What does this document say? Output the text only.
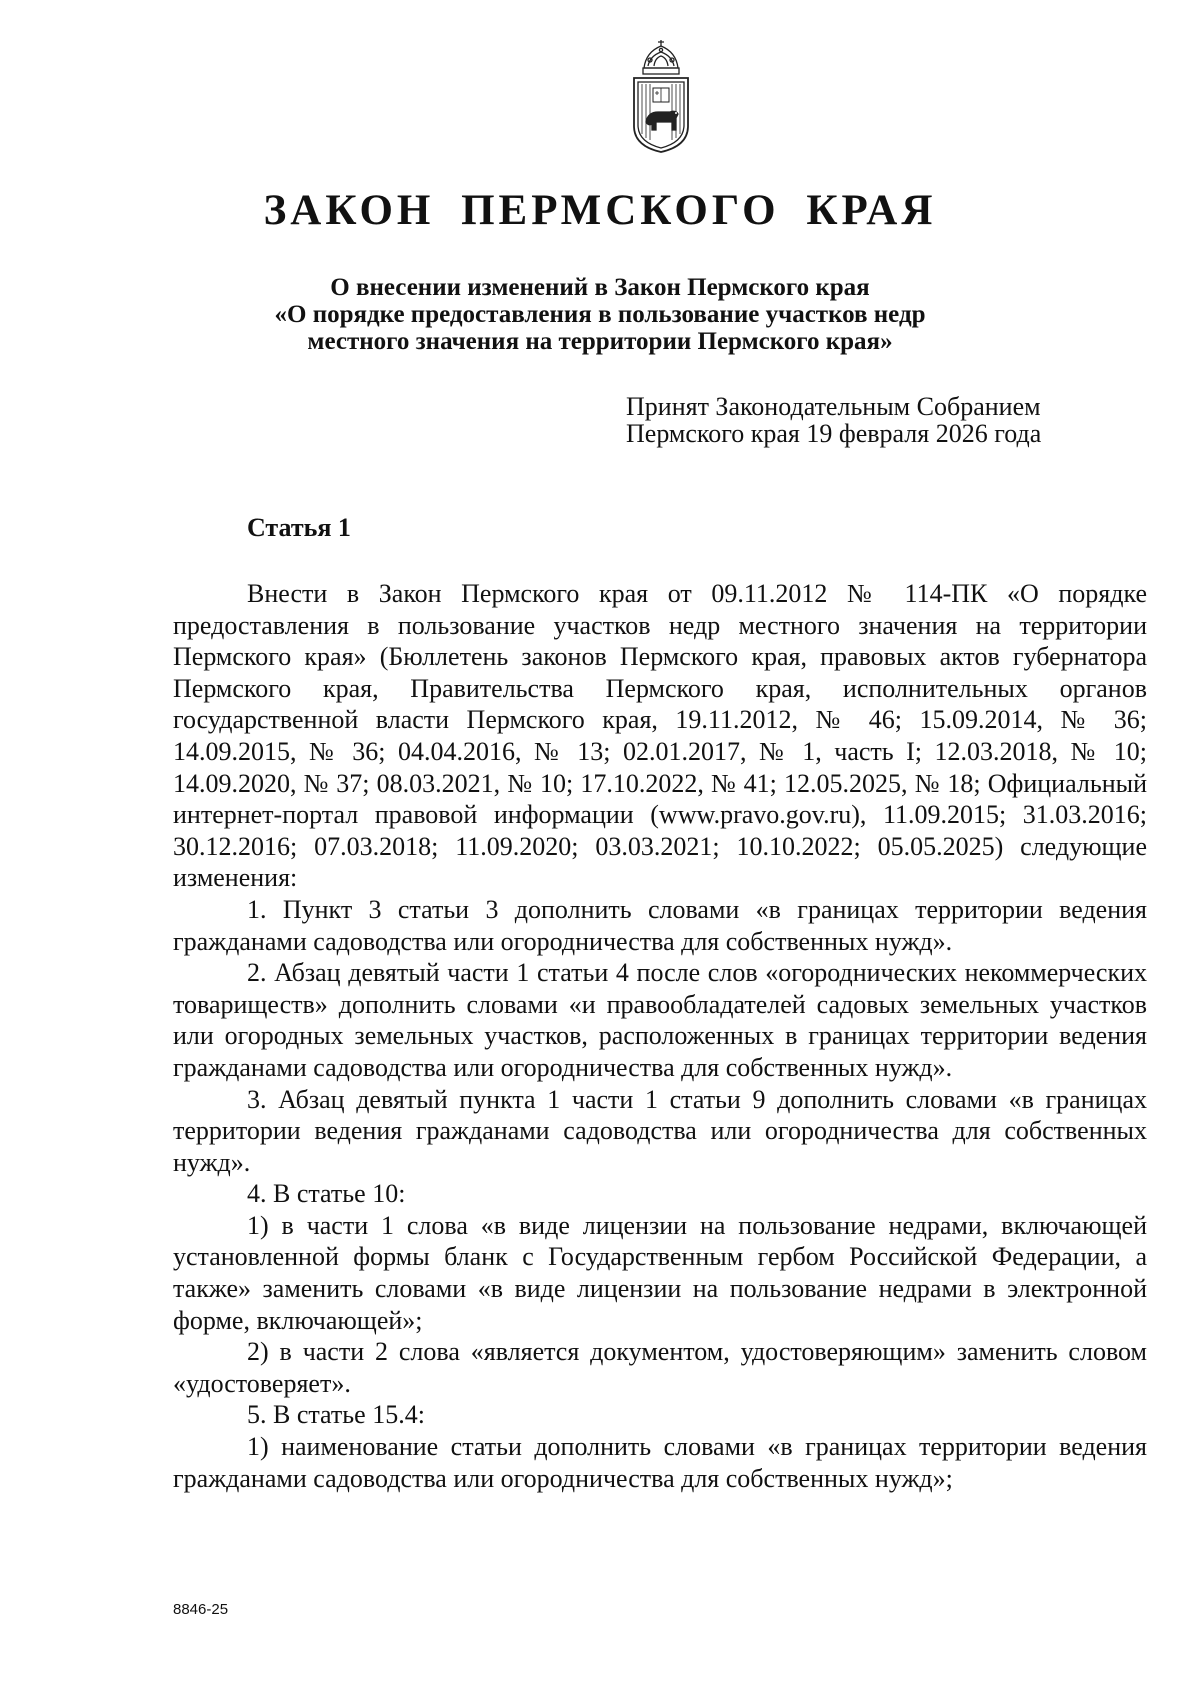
ЗАКОН ПЕРМСКОГО КРАЯ
О внесении изменений в Закон Пермского края
«О порядке предоставления в пользование участков недр
местного значения на территории Пермского края»

Принят Законодательным Собранием
Пермского края 19 февраля 2026 года

Статья 1

Внести в Закон Пермского края от 09.11.2012 № 114-ПК «О порядке предоставления в пользование участков недр местного значения на территории Пермского края» (Бюллетень законов Пермского края, правовых актов губернатора Пермского края, Правительства Пермского края, исполнительных органов государственной власти Пермского края, 19.11.2012, № 46; 15.09.2014, № 36; 14.09.2015, № 36; 04.04.2016, № 13; 02.01.2017, № 1, часть I; 12.03.2018, № 10; 14.09.2020, № 37; 08.03.2021, № 10; 17.10.2022, № 41; 12.05.2025, № 18; Официальный интернет-портал правовой информации (www.pravo.gov.ru), 11.09.2015; 31.03.2016; 30.12.2016; 07.03.2018; 11.09.2020; 03.03.2021; 10.10.2022; 05.05.2025) следующие изменения:

1. Пункт 3 статьи 3 дополнить словами «в границах территории ведения гражданами садоводства или огородничества для собственных нужд».

2. Абзац девятый части 1 статьи 4 после слов «огороднических некоммерческих товариществ» дополнить словами «и правообладателей садовых земельных участков или огородных земельных участков, расположенных в границах территории ведения гражданами садоводства или огородничества для собственных нужд».

3. Абзац девятый пункта 1 части 1 статьи 9 дополнить словами «в границах территории ведения гражданами садоводства или огородничества для собственных нужд».

4. В статье 10:

1) в части 1 слова «в виде лицензии на пользование недрами, включающей установленной формы бланк с Государственным гербом Российской Федерации, а также» заменить словами «в виде лицензии на пользование недрами в электронной форме, включающей»;

2) в части 2 слова «является документом, удостоверяющим» заменить словом «удостоверяет».

5. В статье 15.4:

1) наименование статьи дополнить словами «в границах территории ведения гражданами садоводства или огородничества для собственных нужд»;

8846-25
